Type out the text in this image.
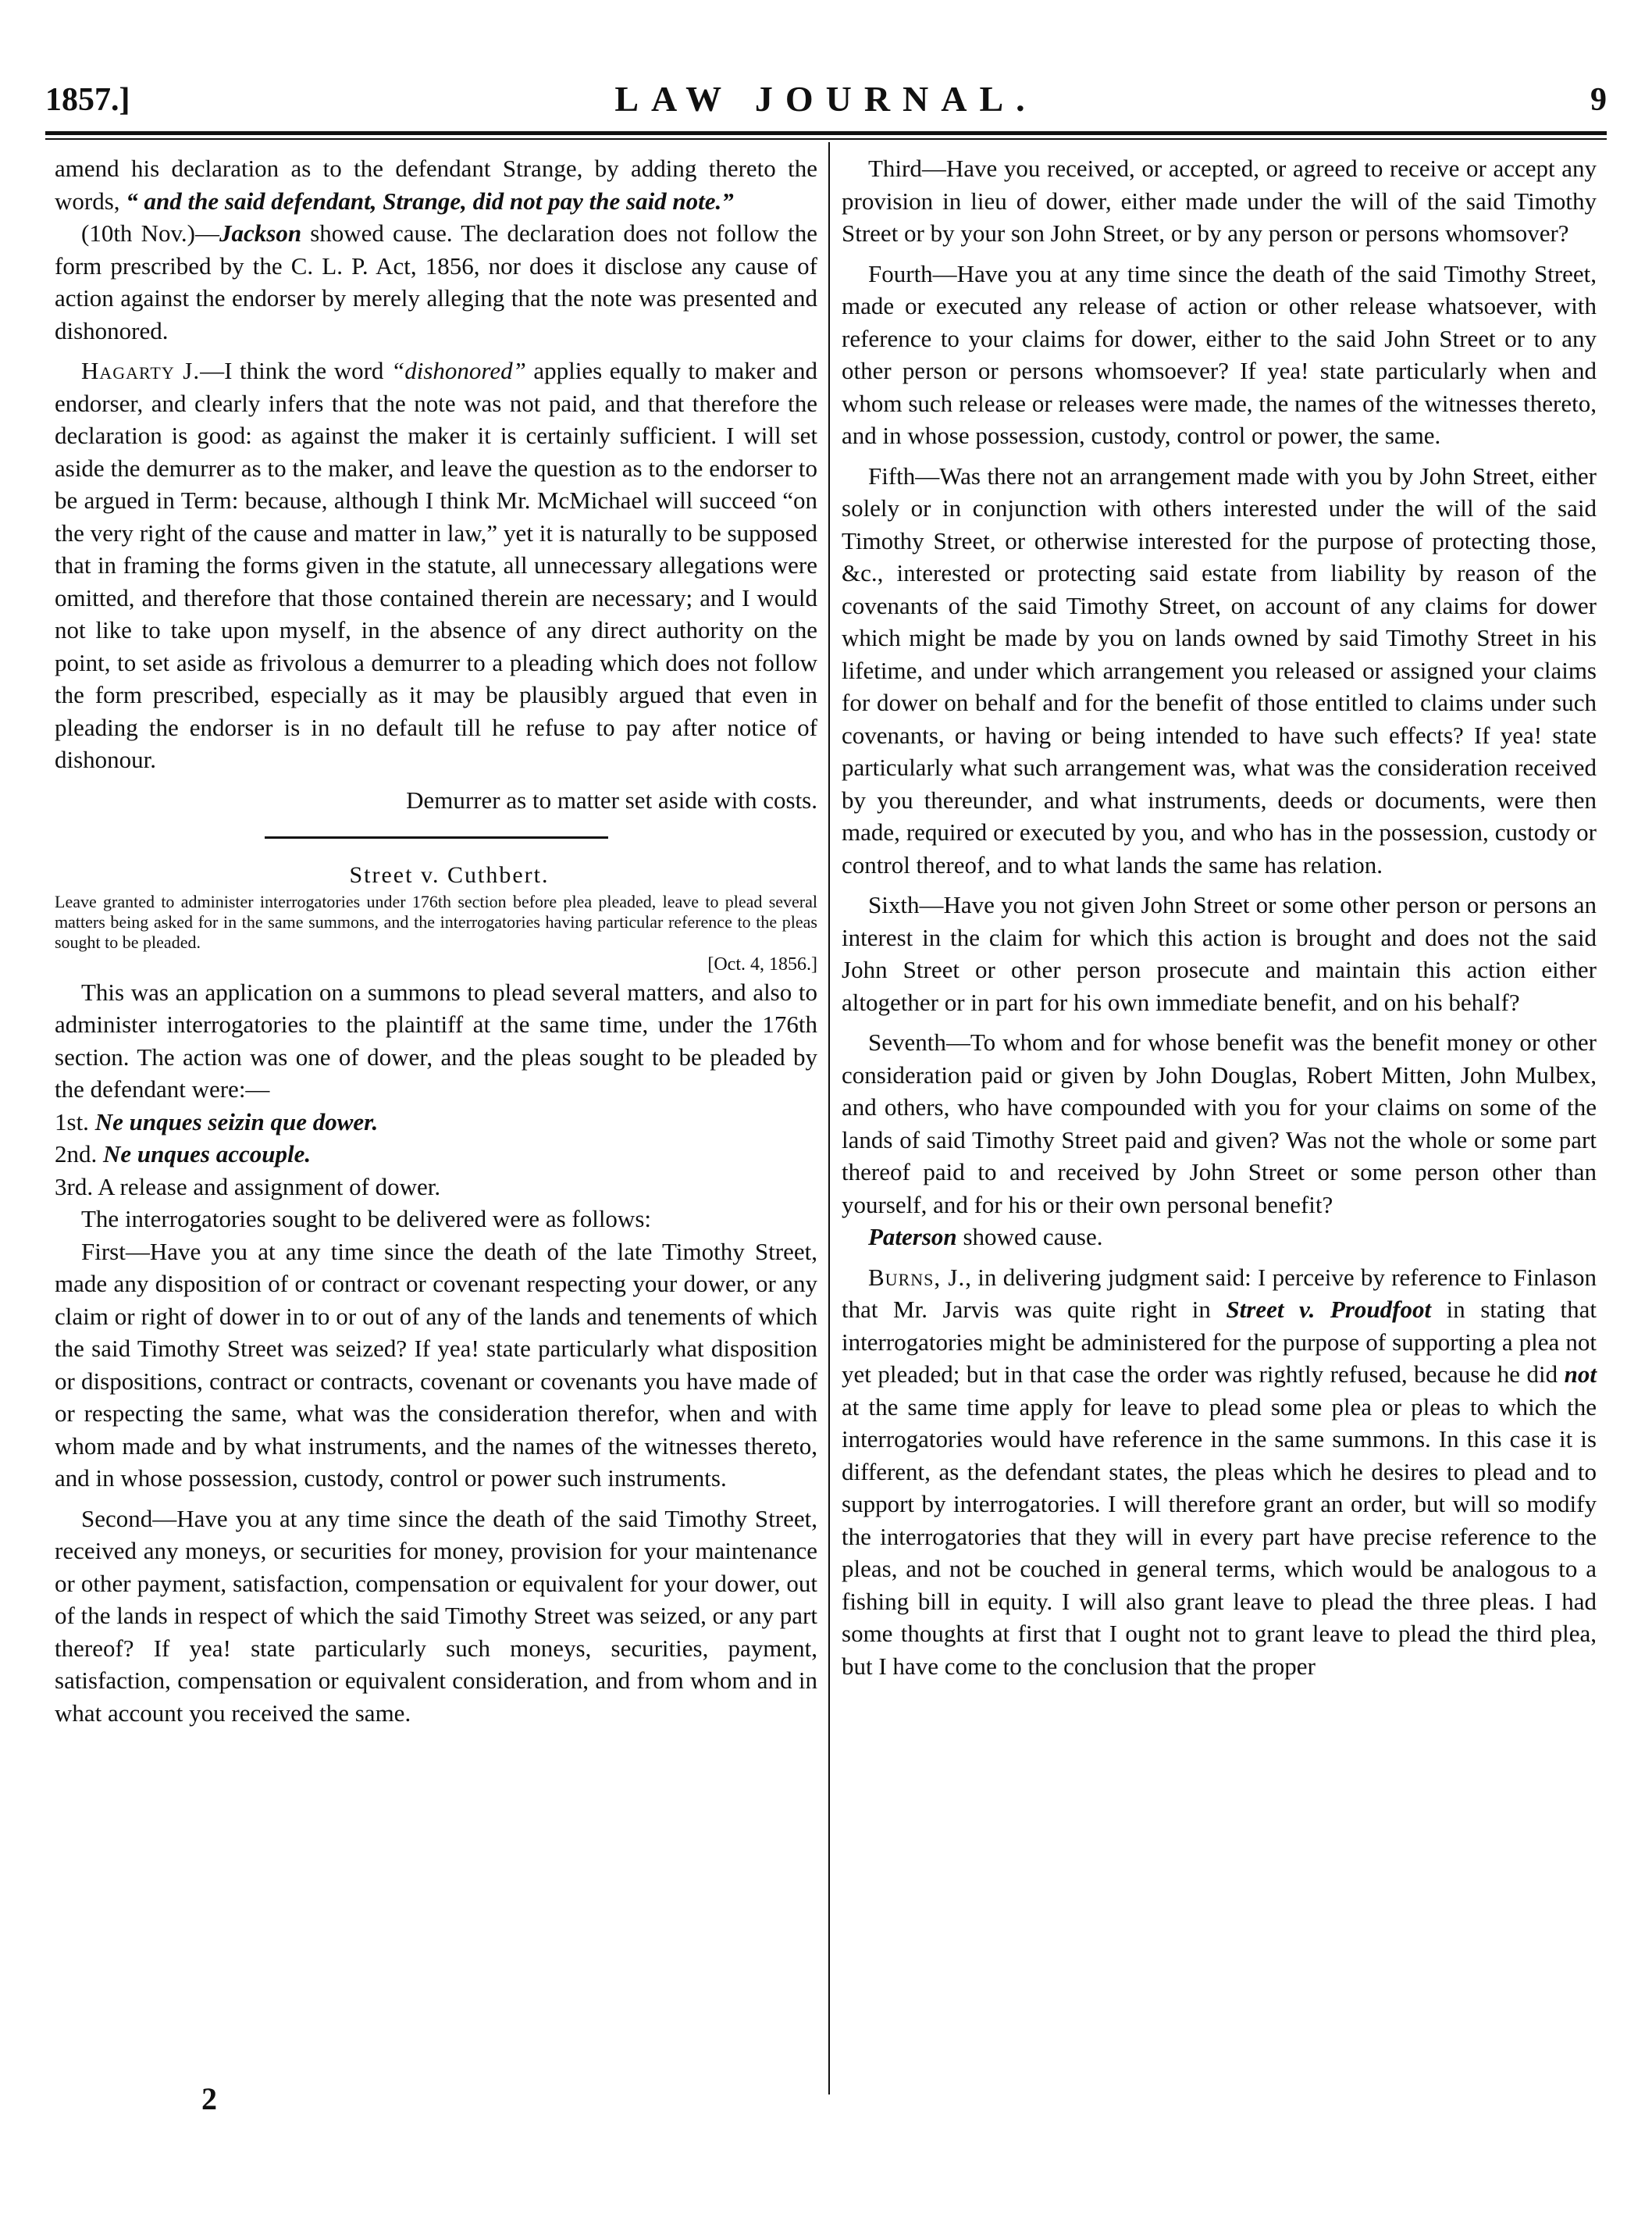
1857.]	LAW JOURNAL.	9

amend his declaration as to the defendant Strange, by adding thereto the words, “ and the said defendant, Strange, did not pay the said note.”

(10th Nov.)—Jackson showed cause. The declaration does not follow the form prescribed by the C. L. P. Act, 1856, nor does it disclose any cause of action against the endorser by merely alleging that the note was presented and dishonored.

Hagarty J.—I think the word “dishonored” applies equally to maker and endorser, and clearly infers that the note was not paid, and that therefore the declaration is good: as against the maker it is certainly sufficient. I will set aside the demurrer as to the maker, and leave the question as to the endorser to be argued in Term: because, although I think Mr. McMichael will succeed “on the very right of the cause and matter in law,” yet it is naturally to be supposed that in framing the forms given in the statute, all unnecessary allegations were omitted, and therefore that those contained therein are necessary; and I would not like to take upon myself, in the absence of any direct authority on the point, to set aside as frivolous a demurrer to a pleading which does not follow the form prescribed, especially as it may be plausibly argued that even in pleading the endorser is in no default till he refuse to pay after notice of dishonour.

Demurrer as to matter set aside with costs.

Street v. Cuthbert.

Leave granted to administer interrogatories under 176th section before plea pleaded, leave to plead several matters being asked for in the same summons, and the interrogatories having particular reference to the pleas sought to be pleaded.

[Oct. 4, 1856.]

This was an application on a summons to plead several matters, and also to administer interrogatories to the plaintiff at the same time, under the 176th section. The action was one of dower, and the pleas sought to be pleaded by the defendant were:—

1st. Ne unques seizin que dower.

2nd. Ne unques accouple.

3rd. A release and assignment of dower.

The interrogatories sought to be delivered were as follows:

First—Have you at any time since the death of the late Timothy Street, made any disposition of or contract or covenant respecting your dower, or any claim or right of dower in to or out of any of the lands and tenements of which the said Timothy Street was seized? If yea! state particularly what disposition or dispositions, contract or contracts, covenant or covenants you have made of or respecting the same, what was the consideration therefor, when and with whom made and by what instruments, and the names of the witnesses thereto, and in whose possession, custody, control or power such instruments.

Second—Have you at any time since the death of the said Timothy Street, received any moneys, or securities for money, provision for your maintenance or other payment, satisfaction, compensation or equivalent for your dower, out of the lands in respect of which the said Timothy Street was seized, or any part thereof? If yea! state particularly such moneys, securities, payment, satisfaction, compensation or equivalent consideration, and from whom and in what account you received the same.

Third—Have you received, or accepted, or agreed to receive or accept any provision in lieu of dower, either made under the will of the said Timothy Street or by your son John Street, or by any person or persons whomsover?

Fourth—Have you at any time since the death of the said Timothy Street, made or executed any release of action or other release whatsoever, with reference to your claims for dower, either to the said John Street or to any other person or persons whomsoever? If yea! state particularly when and whom such release or releases were made, the names of the witnesses thereto, and in whose possession, custody, control or power, the same.

Fifth—Was there not an arrangement made with you by John Street, either solely or in conjunction with others interested under the will of the said Timothy Street, or otherwise interested for the purpose of protecting those, &c., interested or protecting said estate from liability by reason of the covenants of the said Timothy Street, on account of any claims for dower which might be made by you on lands owned by said Timothy Street in his lifetime, and under which arrangement you released or assigned your claims for dower on behalf and for the benefit of those entitled to claims under such covenants, or having or being intended to have such effects? If yea! state particularly what such arrangement was, what was the consideration received by you thereunder, and what instruments, deeds or documents, were then made, required or executed by you, and who has in the possession, custody or control thereof, and to what lands the same has relation.

Sixth—Have you not given John Street or some other person or persons an interest in the claim for which this action is brought and does not the said John Street or other person prosecute and maintain this action either altogether or in part for his own immediate benefit, and on his behalf?

Seventh—To whom and for whose benefit was the benefit money or other consideration paid or given by John Douglas, Robert Mitten, John Mulbex, and others, who have compounded with you for your claims on some of the lands of said Timothy Street paid and given? Was not the whole or some part thereof paid to and received by John Street or some person other than yourself, and for his or their own personal benefit?

Paterson showed cause.

Burns, J., in delivering judgment said: I perceive by reference to Finlason that Mr. Jarvis was quite right in Street v. Proudfoot in stating that interrogatories might be administered for the purpose of supporting a plea not yet pleaded; but in that case the order was rightly refused, because he did not at the same time apply for leave to plead some plea or pleas to which the interrogatories would have reference in the same summons. In this case it is different, as the defendant states, the pleas which he desires to plead and to support by interrogatories. I will therefore grant an order, but will so modify the interrogatories that they will in every part have precise reference to the pleas, and not be couched in general terms, which would be analogous to a fishing bill in equity. I will also grant leave to plead the three pleas. I had some thoughts at first that I ought not to grant leave to plead the third plea, but I have come to the conclusion that the proper

2
